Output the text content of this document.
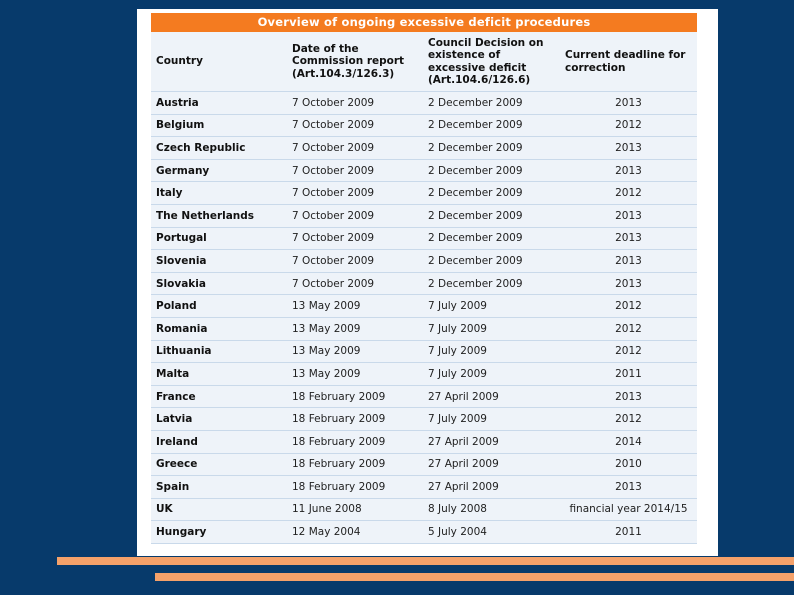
Overview of ongoing excessive deficit procedures
Country	Date of the Commission report (Art.104.3/126.3)	Council Decision on existence of excessive deficit (Art.104.6/126.6)	Current deadline for correction
Austria	7 October 2009	2 December 2009	2013
Belgium	7 October 2009	2 December 2009	2012
Czech Republic	7 October 2009	2 December 2009	2013
Germany	7 October 2009	2 December 2009	2013
Italy	7 October 2009	2 December 2009	2012
The Netherlands	7 October 2009	2 December 2009	2013
Portugal	7 October 2009	2 December 2009	2013
Slovenia	7 October 2009	2 December 2009	2013
Slovakia	7 October 2009	2 December 2009	2013
Poland	13 May 2009	7 July 2009	2012
Romania	13 May 2009	7 July 2009	2012
Lithuania	13 May 2009	7 July 2009	2012
Malta	13 May 2009	7 July 2009	2011
France	18 February 2009	27 April 2009	2013
Latvia	18 February 2009	7 July 2009	2012
Ireland	18 February 2009	27 April 2009	2014
Greece	18 February 2009	27 April 2009	2010
Spain	18 February 2009	27 April 2009	2013
UK	11 June 2008	8 July 2008	financial year 2014/15
Hungary	12 May 2004	5 July 2004	2011
